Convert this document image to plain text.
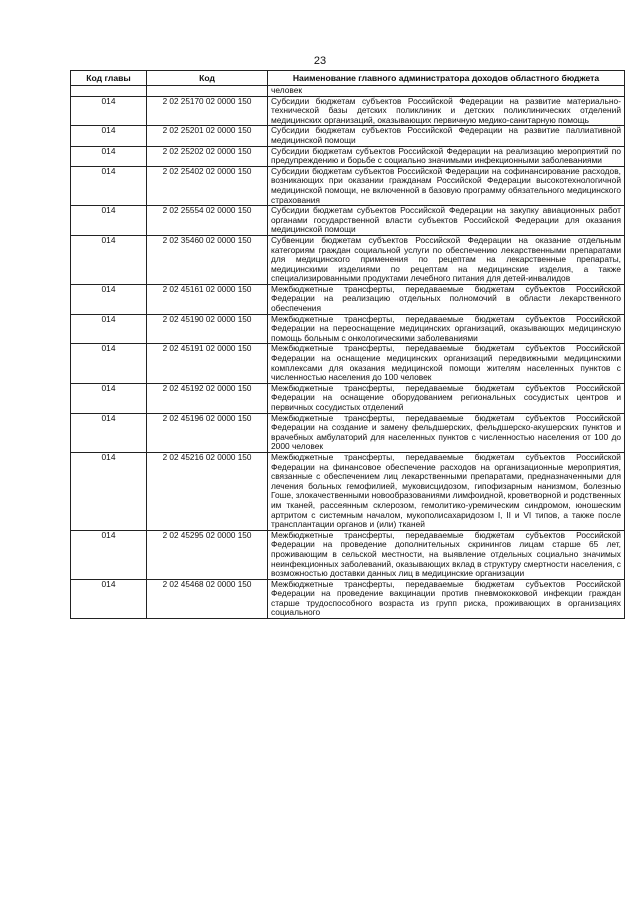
23
Код главы	Код	Наименование главного администратора доходов областного бюджета
		человек
014	2 02 25170 02 0000 150	Субсидии бюджетам субъектов Российской Федерации на развитие материально-технической базы детских поликлиник и детских поликлинических отделений медицинских организаций, оказывающих первичную медико-санитарную помощь
014	2 02 25201 02 0000 150	Субсидии бюджетам субъектов Российской Федерации на развитие паллиативной медицинской помощи
014	2 02 25202 02 0000 150	Субсидии бюджетам субъектов Российской Федерации на реализацию мероприятий по предупреждению и борьбе с социально значимыми инфекционными заболеваниями
014	2 02 25402 02 0000 150	Субсидии бюджетам субъектов Российской Федерации на софинансирование расходов, возникающих при оказании гражданам Российской Федерации высокотехнологичной медицинской помощи, не включенной в базовую программу обязательного медицинского страхования
014	2 02 25554 02 0000 150	Субсидии бюджетам субъектов Российской Федерации на закупку авиационных работ органами государственной власти субъектов Российской Федерации для оказания медицинской помощи
014	2 02 35460 02 0000 150	Субвенции бюджетам субъектов Российской Федерации на оказание отдельным категориям граждан социальной услуги по обеспечению лекарственными препаратами для медицинского применения по рецептам на лекарственные препараты, медицинскими изделиями по рецептам на медицинские изделия, а также специализированными продуктами лечебного питания для детей-инвалидов
014	2 02 45161 02 0000 150	Межбюджетные трансферты, передаваемые бюджетам субъектов Российской Федерации на реализацию отдельных полномочий в области лекарственного обеспечения
014	2 02 45190 02 0000 150	Межбюджетные трансферты, передаваемые бюджетам субъектов Российской Федерации на переоснащение медицинских организаций, оказывающих медицинскую помощь больным с онкологическими заболеваниями
014	2 02 45191 02 0000 150	Межбюджетные трансферты, передаваемые бюджетам субъектов Российской Федерации на оснащение медицинских организаций передвижными медицинскими комплексами для оказания медицинской помощи жителям населенных пунктов с численностью населения до 100 человек
014	2 02 45192 02 0000 150	Межбюджетные трансферты, передаваемые бюджетам субъектов Российской Федерации на оснащение оборудованием региональных сосудистых центров и первичных сосудистых отделений
014	2 02 45196 02 0000 150	Межбюджетные трансферты, передаваемые бюджетам субъектов Российской Федерации на создание и замену фельдшерских, фельдшерско-акушерских пунктов и врачебных амбулаторий для населенных пунктов с численностью населения от 100 до 2000 человек
014	2 02 45216 02 0000 150	Межбюджетные трансферты, передаваемые бюджетам субъектов Российской Федерации на финансовое обеспечение расходов на организационные мероприятия, связанные с обеспечением лиц лекарственными препаратами, предназначенными для лечения больных гемофилией, муковисцидозом, гипофизарным нанизмом, болезнью Гоше, злокачественными новообразованиями лимфоидной, кроветворной и родственных им тканей, рассеянным склерозом, гемолитико-уремическим синдромом, юношеским артритом с системным началом, мукополисахаридозом I, II и VI типов, а также после трансплантации органов и (или) тканей
014	2 02 45295 02 0000 150	Межбюджетные трансферты, передаваемые бюджетам субъектов Российской Федерации на проведение дополнительных скринингов лицам старше 65 лет, проживающим в сельской местности, на выявление отдельных социально значимых неинфекционных заболеваний, оказывающих вклад в структуру смертности населения, с возможностью доставки данных лиц в медицинские организации
014	2 02 45468 02 0000 150	Межбюджетные трансферты, передаваемые бюджетам субъектов Российской Федерации на проведение вакцинации против пневмококковой инфекции граждан старше трудоспособного возраста из групп риска, проживающих в организациях социального
